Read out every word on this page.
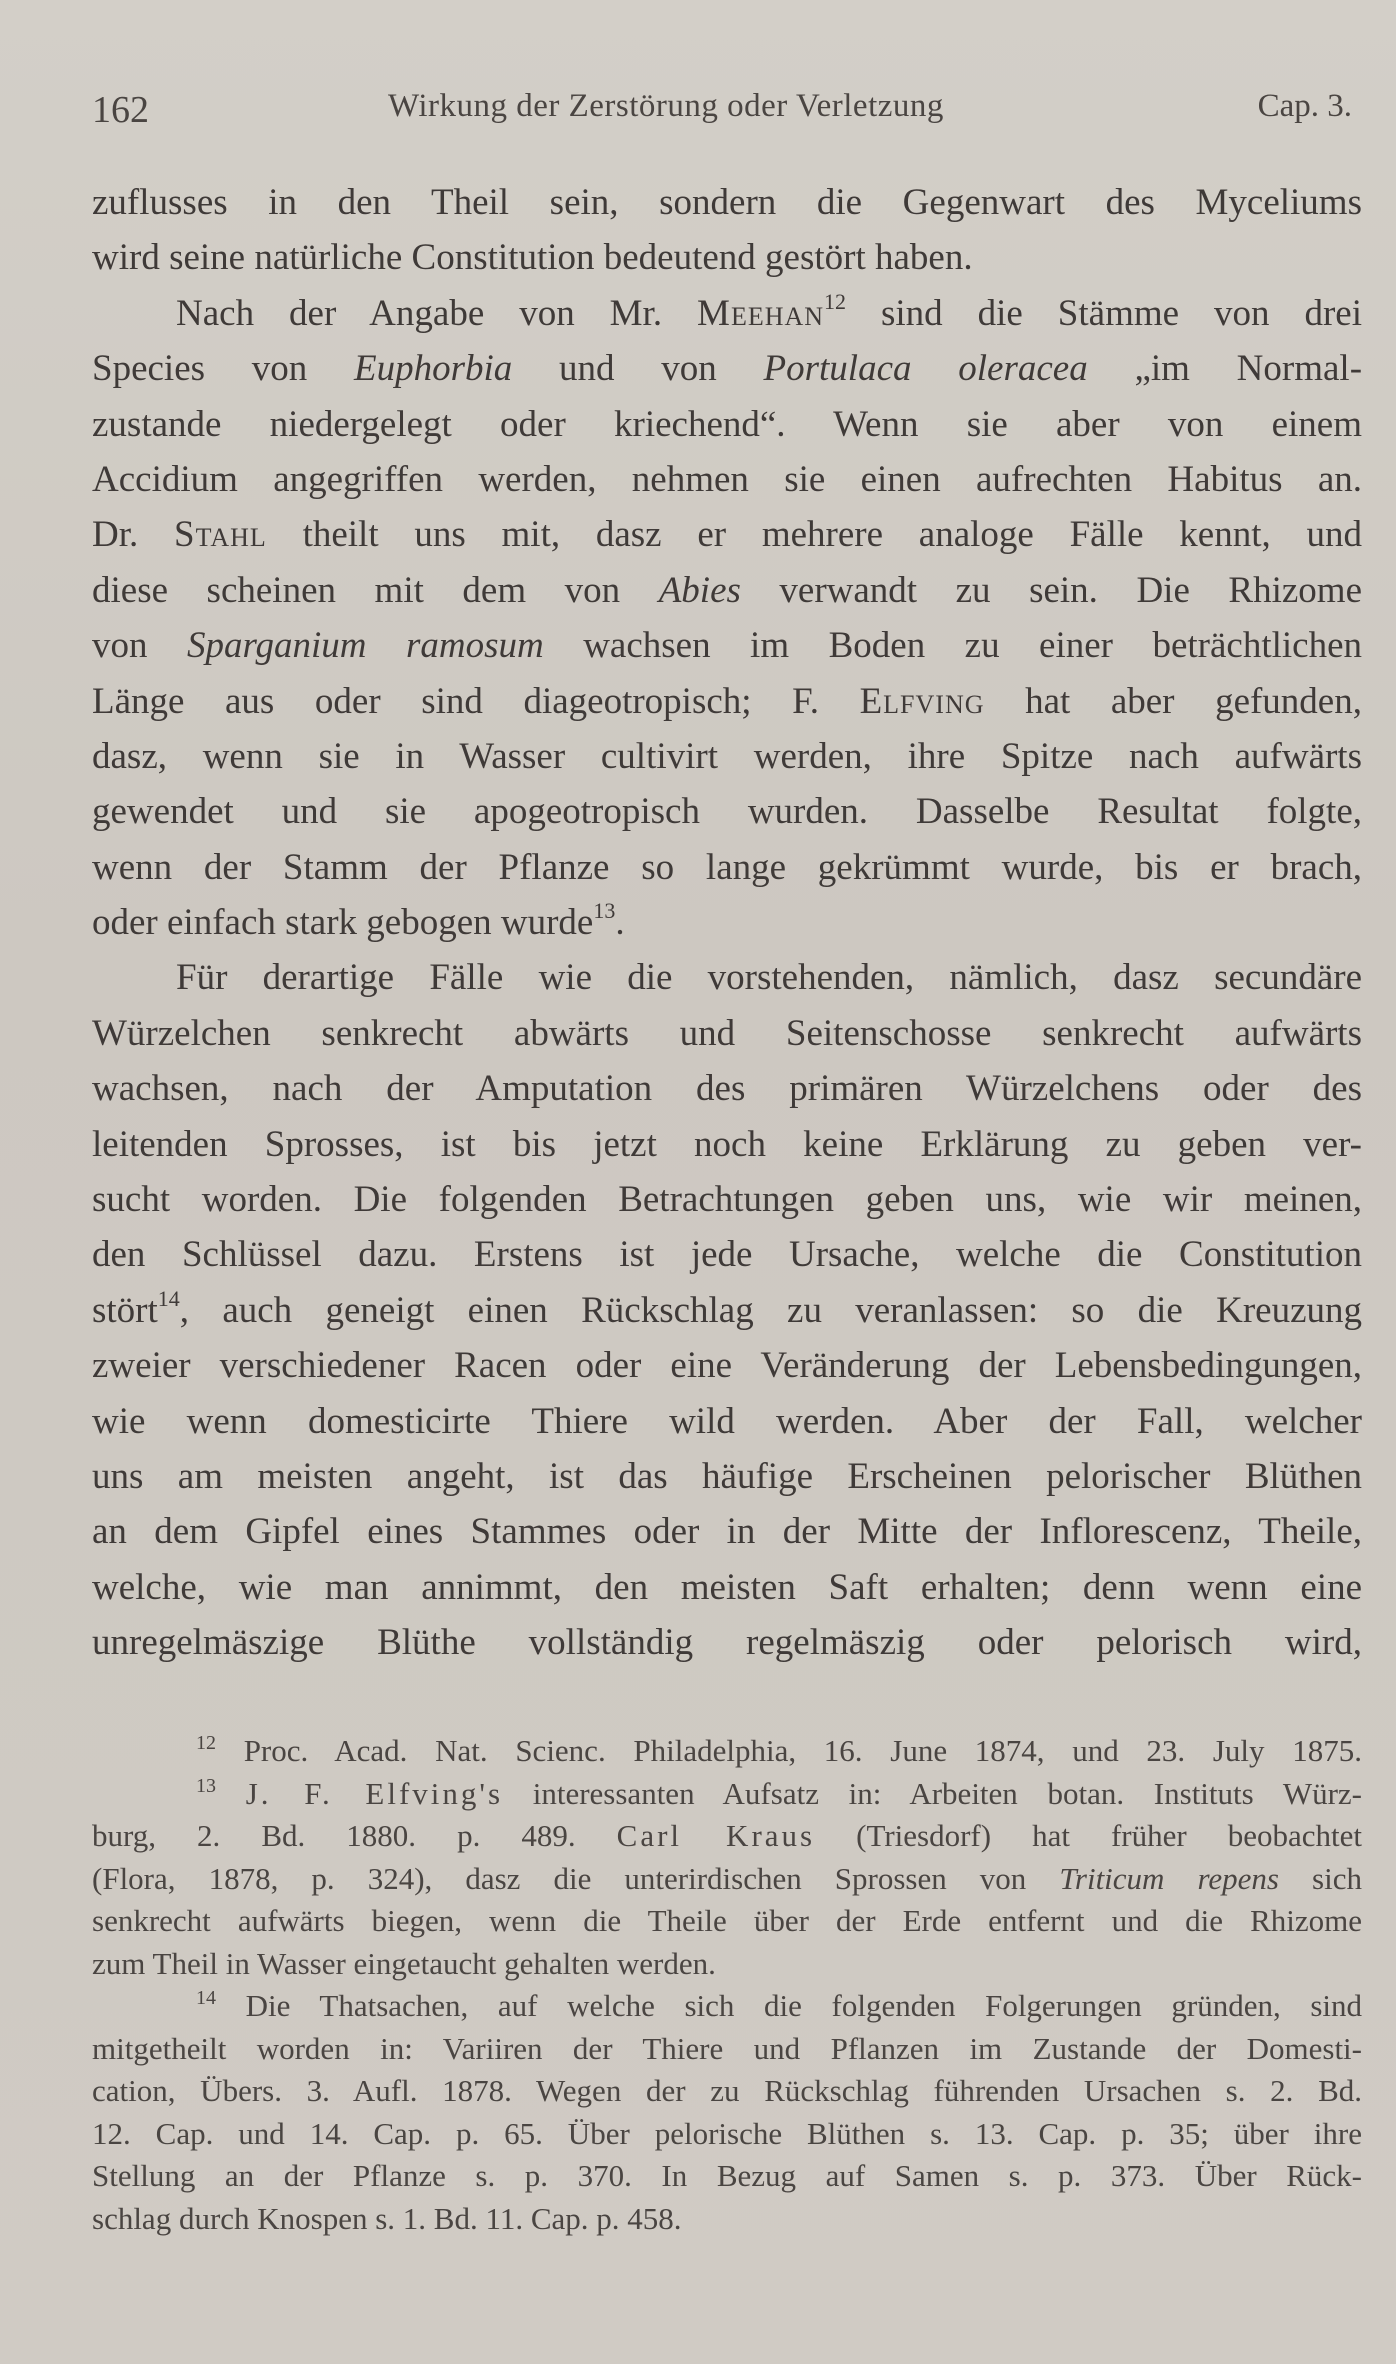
162	Wirkung der Zerstörung oder Verletzung	Cap. 3.
zuflusses in den Theil sein, sondern die Gegenwart des Myceliums
wird seine natürliche Constitution bedeutend gestört haben.
Nach der Angabe von Mr. Meehan$^{12}$ sind die Stämme von drei
Species von Euphorbia und von Portulaca oleracea „im Normal-
zustande niedergelegt oder kriechend“. Wenn sie aber von einem
Accidium angegriffen werden, nehmen sie einen aufrechten Habitus an.
Dr. Stahl theilt uns mit, dasz er mehrere analoge Fälle kennt, und
diese scheinen mit dem von Abies verwandt zu sein. Die Rhizome
von Sparganium ramosum wachsen im Boden zu einer beträchtlichen
Länge aus oder sind diageotropisch; F. Elfving hat aber gefunden,
dasz, wenn sie in Wasser cultivirt werden, ihre Spitze nach aufwärts
gewendet und sie apogeotropisch wurden. Dasselbe Resultat folgte,
wenn der Stamm der Pflanze so lange gekrümmt wurde, bis er brach,
oder einfach stark gebogen wurde$^{13}$.
Für derartige Fälle wie die vorstehenden, nämlich, dasz secundäre
Würzelchen senkrecht abwärts und Seitenschosse senkrecht aufwärts
wachsen, nach der Amputation des primären Würzelchens oder des
leitenden Sprosses, ist bis jetzt noch keine Erklärung zu geben ver-
sucht worden. Die folgenden Betrachtungen geben uns, wie wir meinen,
den Schlüssel dazu. Erstens ist jede Ursache, welche die Constitution
stört$^{14}$, auch geneigt einen Rückschlag zu veranlassen: so die Kreuzung
zweier verschiedener Racen oder eine Veränderung der Lebensbedingungen,
wie wenn domesticirte Thiere wild werden. Aber der Fall, welcher
uns am meisten angeht, ist das häufige Erscheinen pelorischer Blüthen
an dem Gipfel eines Stammes oder in der Mitte der Inflorescenz, Theile,
welche, wie man annimmt, den meisten Saft erhalten; denn wenn eine
unregelmäszige Blüthe vollständig regelmäszig oder pelorisch wird,
$^{12}$ Proc. Acad. Nat. Scienc. Philadelphia, 16. June 1874, und 23. July 1875.
$^{13}$ J. F. Elfving's interessanten Aufsatz in: Arbeiten botan. Instituts Würz-
burg, 2. Bd. 1880. p. 489. Carl Kraus (Triesdorf) hat früher beobachtet
(Flora, 1878, p. 324), dasz die unterirdischen Sprossen von Triticum repens sich
senkrecht aufwärts biegen, wenn die Theile über der Erde entfernt und die Rhizome
zum Theil in Wasser eingetaucht gehalten werden.
$^{14}$ Die Thatsachen, auf welche sich die folgenden Folgerungen gründen, sind
mitgetheilt worden in: Variiren der Thiere und Pflanzen im Zustande der Domesti-
cation, Übers. 3. Aufl. 1878. Wegen der zu Rückschlag führenden Ursachen s. 2. Bd.
12. Cap. und 14. Cap. p. 65. Über pelorische Blüthen s. 13. Cap. p. 35; über ihre
Stellung an der Pflanze s. p. 370. In Bezug auf Samen s. p. 373. Über Rück-
schlag durch Knospen s. 1. Bd. 11. Cap. p. 458.
